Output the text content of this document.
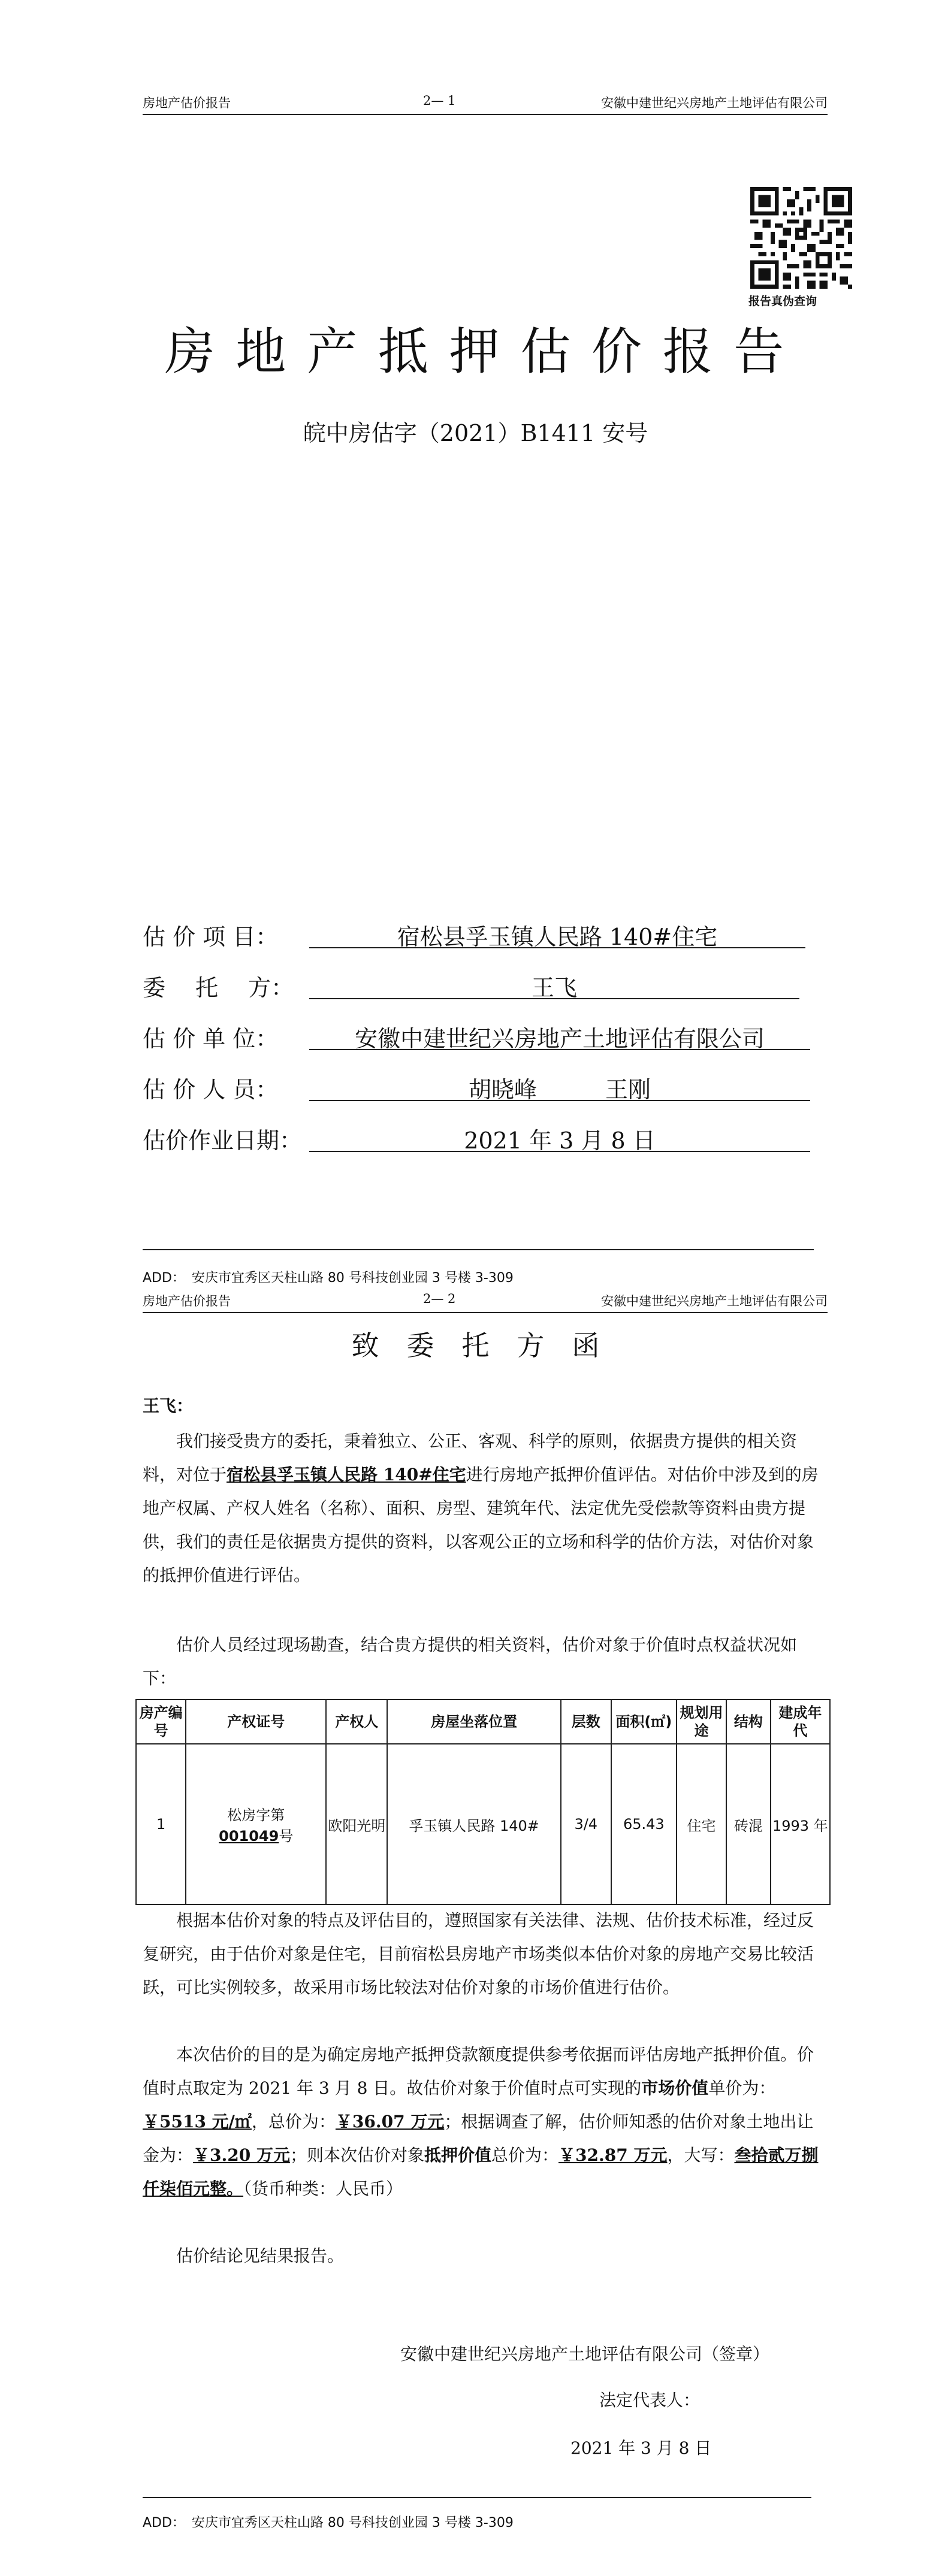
房地产估价报告	2— 1	安徽中建世纪兴房地产土地评估有限公司
报告真伪查询
房 地 产 抵 押 估 价 报 告
皖中房估字（2021）B1411 安号
估 价 项 目：	宿松县孚玉镇人民路 140#住宅
委　 托　 方：	王飞
估 价 单 位：	安徽中建世纪兴房地产土地评估有限公司
估 价 人 员：	胡晓峰　　　王刚
估价作业日期：	2021 年 3 月 8 日
ADD：　安庆市宜秀区天柱山路 80 号科技创业园 3 号楼 3-309
房地产估价报告	2— 2	安徽中建世纪兴房地产土地评估有限公司
致　委　托　方　函
王飞：

我们接受贵方的委托，秉着独立、公正、客观、科学的原则，依据贵方提供的相关资料，对位于宿松县孚玉镇人民路 140#住宅进行房地产抵押价值评估。对估价中涉及到的房地产权属、产权人姓名（名称）、面积、房型、建筑年代、法定优先受偿款等资料由贵方提供，我们的责任是依据贵方提供的资料，以客观公正的立场和科学的估价方法，对估价对象的抵押价值进行评估。

估价人员经过现场勘查，结合贵方提供的相关资料，估价对象于价值时点权益状况如下：

房产编号	产权证号	产权人	房屋坐落位置	层数	面积(㎡)	规划用途	结构	建成年代
1	松房字第
001049号	欧阳光明	孚玉镇人民路 140#	3/4	65.43	住宅	砖混	1993 年

根据本估价对象的特点及评估目的，遵照国家有关法律、法规、估价技术标准，经过反复研究，由于估价对象是住宅，目前宿松县房地产市场类似本估价对象的房地产交易比较活跃，可比实例较多，故采用市场比较法对估价对象的市场价值进行估价。

本次估价的目的是为确定房地产抵押贷款额度提供参考依据而评估房地产抵押价值。价值时点取定为 2021 年 3 月 8 日。故估价对象于价值时点可实现的市场价值单价为：￥5513 元/㎡，总价为：￥36.07 万元；根据调查了解，估价师知悉的估价对象土地出让金为：￥3.20 万元；则本次估价对象抵押价值总价为：￥32.87 万元，大写：叁拾贰万捌仟柒佰元整。（货币种类：人民币）

估价结论见结果报告。

安徽中建世纪兴房地产土地评估有限公司（签章）
法定代表人：
2021 年 3 月 8 日
ADD：　安庆市宜秀区天柱山路 80 号科技创业园 3 号楼 3-309
